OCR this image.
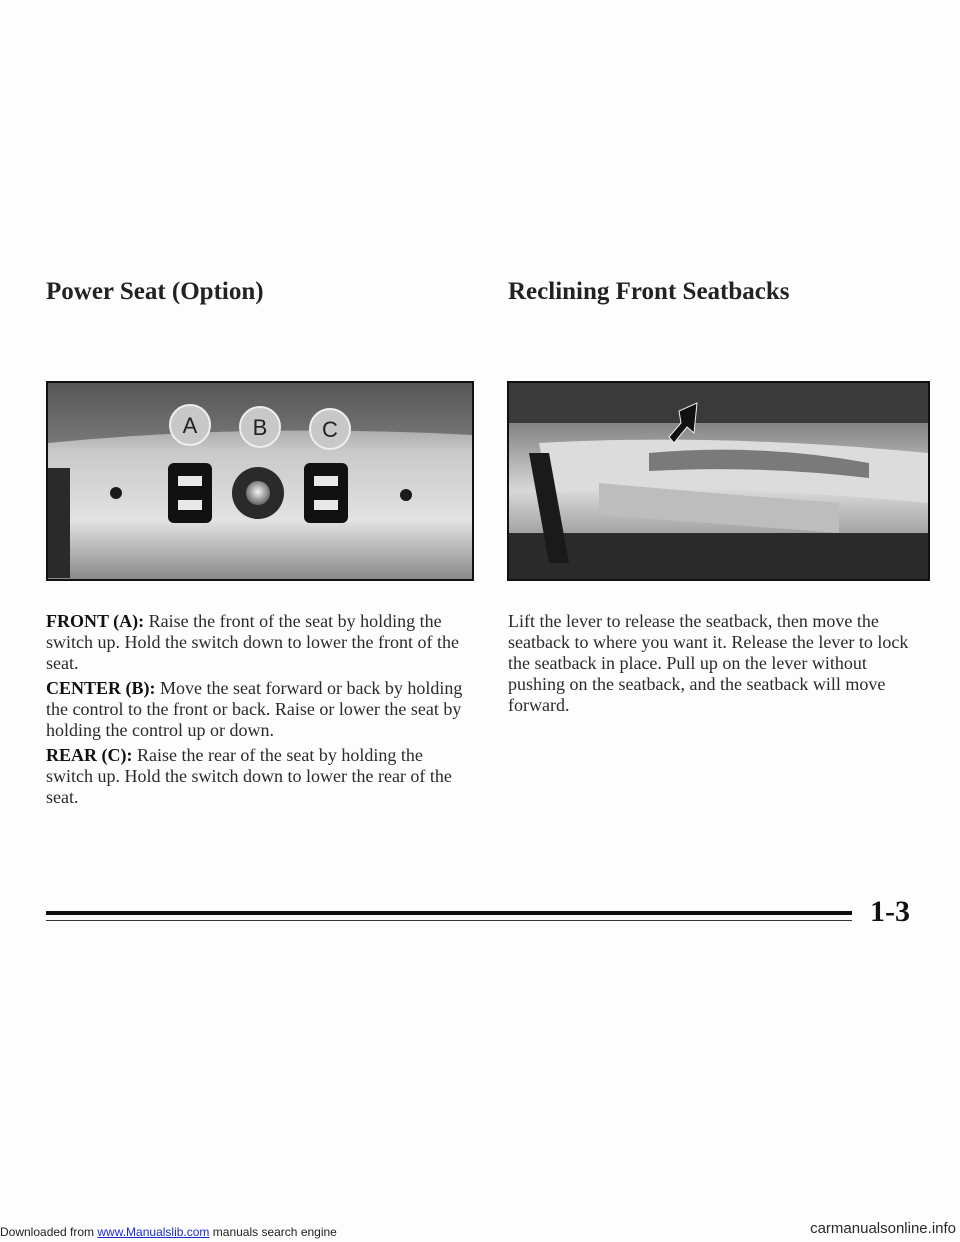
Power Seat (Option)	Reclining Front Seatbacks
A	B C

FRONT (A): Raise the front of the seat by holding the switch up. Hold the switch down to lower the front of the seat.

CENTER (B): Move the seat forward or back by holding the control to the front or back. Raise or lower the seat by holding the control up or down.

REAR (C): Raise the rear of the seat by holding the switch up. Hold the switch down to lower the rear of the seat.

Lift the lever to release the seatback, then move the seatback to where you want it. Release the lever to lock the seatback in place. Pull up on the lever without pushing on the seatback, and the seatback will move forward.

1-3

Downloaded from www.Manualslib.com manuals search engine	carmanualsonline.info
